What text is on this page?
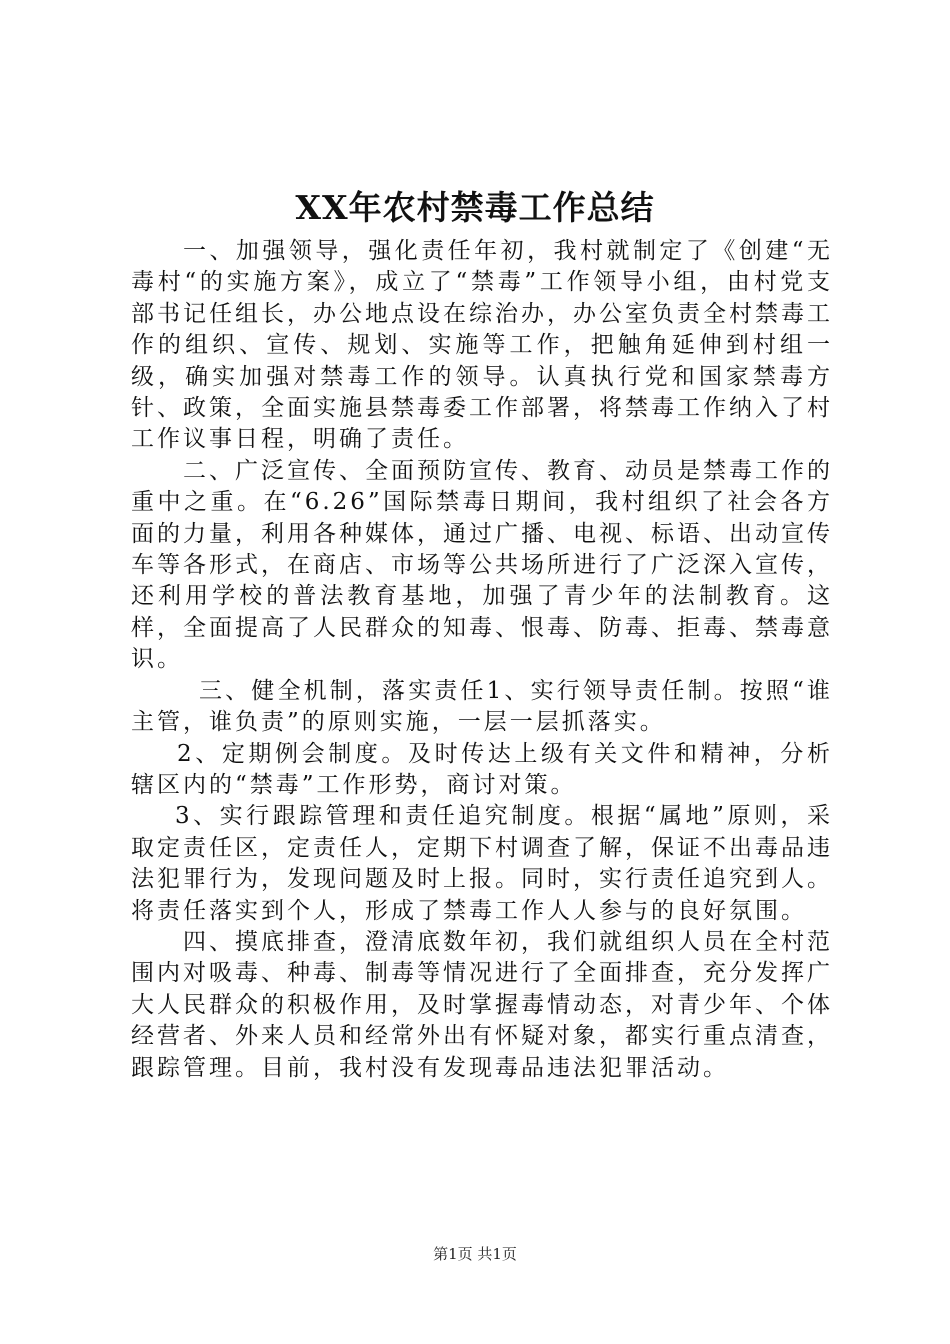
XX年农村禁毒工作总结

一、加强领导，强化责任年初，我村就制定了《创建“无毒村“的实施方案》，成立了“禁毒”工作领导小组，由村党支部书记任组长，办公地点设在综治办，办公室负责全村禁毒工作的组织、宣传、规划、实施等工作，把触角延伸到村组一级，确实加强对禁毒工作的领导。认真执行党和国家禁毒方针、政策，全面实施县禁毒委工作部署，将禁毒工作纳入了村工作议事日程，明确了责任。

二、广泛宣传、全面预防宣传、教育、动员是禁毒工作的重中之重。在“6.26”国际禁毒日期间，我村组织了社会各方面的力量，利用各种媒体，通过广播、电视、标语、出动宣传车等各形式，在商店、市场等公共场所进行了广泛深入宣传，还利用学校的普法教育基地，加强了青少年的法制教育。这样，全面提高了人民群众的知毒、恨毒、防毒、拒毒、禁毒意识。

三、健全机制，落实责任1、实行领导责任制。按照“谁主管，谁负责”的原则实施，一层一层抓落实。

2、定期例会制度。及时传达上级有关文件和精神，分析辖区内的“禁毒”工作形势，商讨对策。

3、实行跟踪管理和责任追究制度。根据“属地”原则，采取定责任区，定责任人，定期下村调查了解，保证不出毒品违法犯罪行为，发现问题及时上报。同时，实行责任追究到人。将责任落实到个人，形成了禁毒工作人人参与的良好氛围。

四、摸底排查，澄清底数年初，我们就组织人员在全村范围内对吸毒、种毒、制毒等情况进行了全面排查，充分发挥广大人民群众的积极作用，及时掌握毒情动态，对青少年、个体经营者、外来人员和经常外出有怀疑对象，都实行重点清查，跟踪管理。目前，我村没有发现毒品违法犯罪活动。

第1页 共1页
